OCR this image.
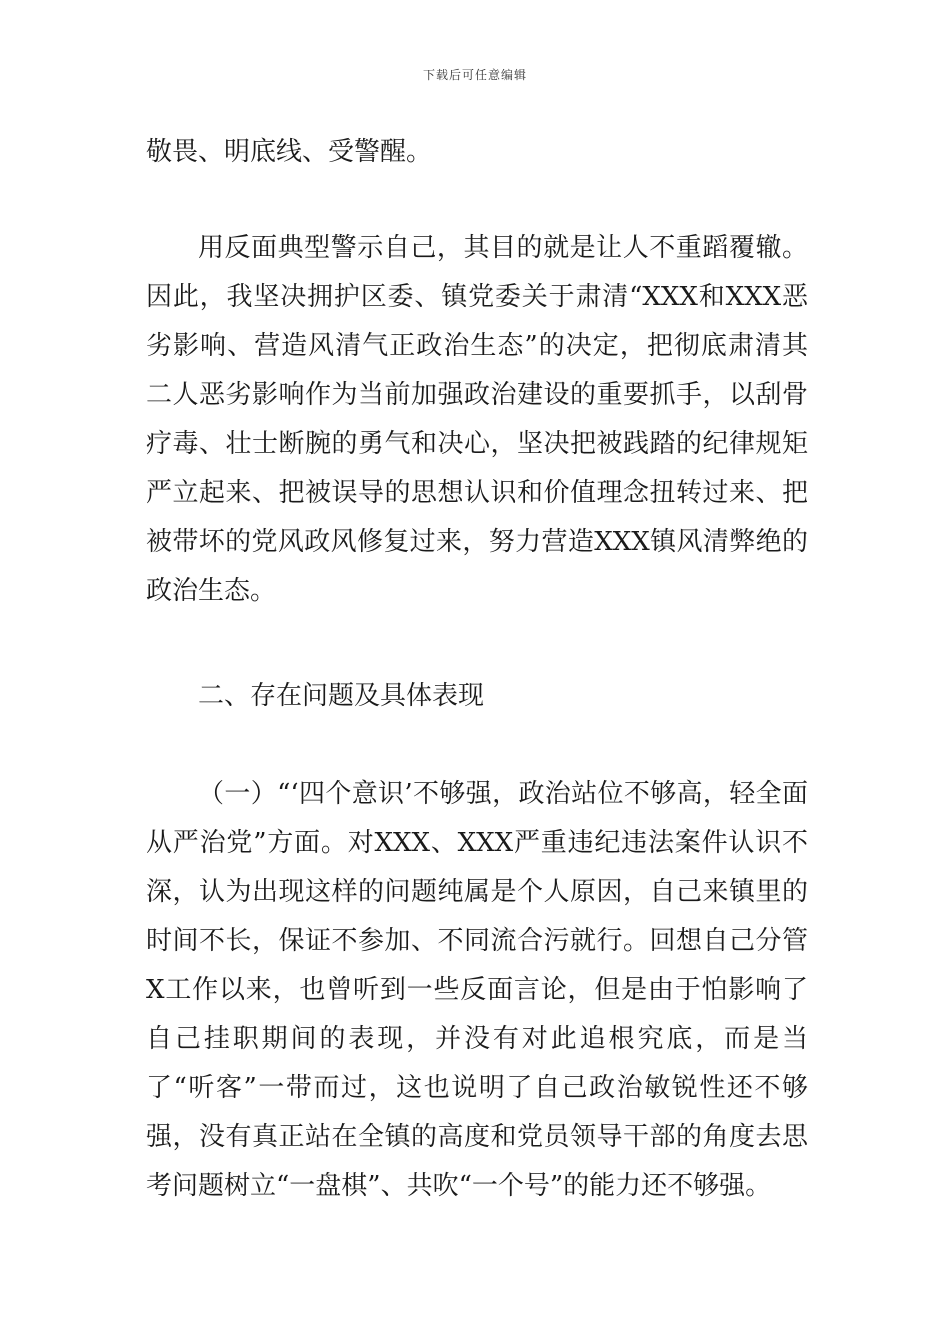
下载后可任意编辑

敬畏、明底线、受警醒。

用反面典型警示自己，其目的就是让人不重蹈覆辙。因此，我坚决拥护区委、镇党委关于肃清“XXX和XXX恶劣影响、营造风清气正政治生态”的决定，把彻底肃清其二人恶劣影响作为当前加强政治建设的重要抓手，以刮骨疗毒、壮士断腕的勇气和决心，坚决把被践踏的纪律规矩严立起来、把被误导的思想认识和价值理念扭转过来、把被带坏的党风政风修复过来，努力营造XXX镇风清弊绝的政治生态。

二、存在问题及具体表现

（一）“‘四个意识’不够强，政治站位不够高，轻全面从严治党”方面。对XXX、XXX严重违纪违法案件认识不深，认为出现这样的问题纯属是个人原因，自己来镇里的时间不长，保证不参加、不同流合污就行。回想自己分管X工作以来，也曾听到一些反面言论，但是由于怕影响了自己挂职期间的表现，并没有对此追根究底，而是当了“听客”一带而过，这也说明了自己政治敏锐性还不够强，没有真正站在全镇的高度和党员领导干部的角度去思考问题树立“一盘棋”、共吹“一个号”的能力还不够强。
